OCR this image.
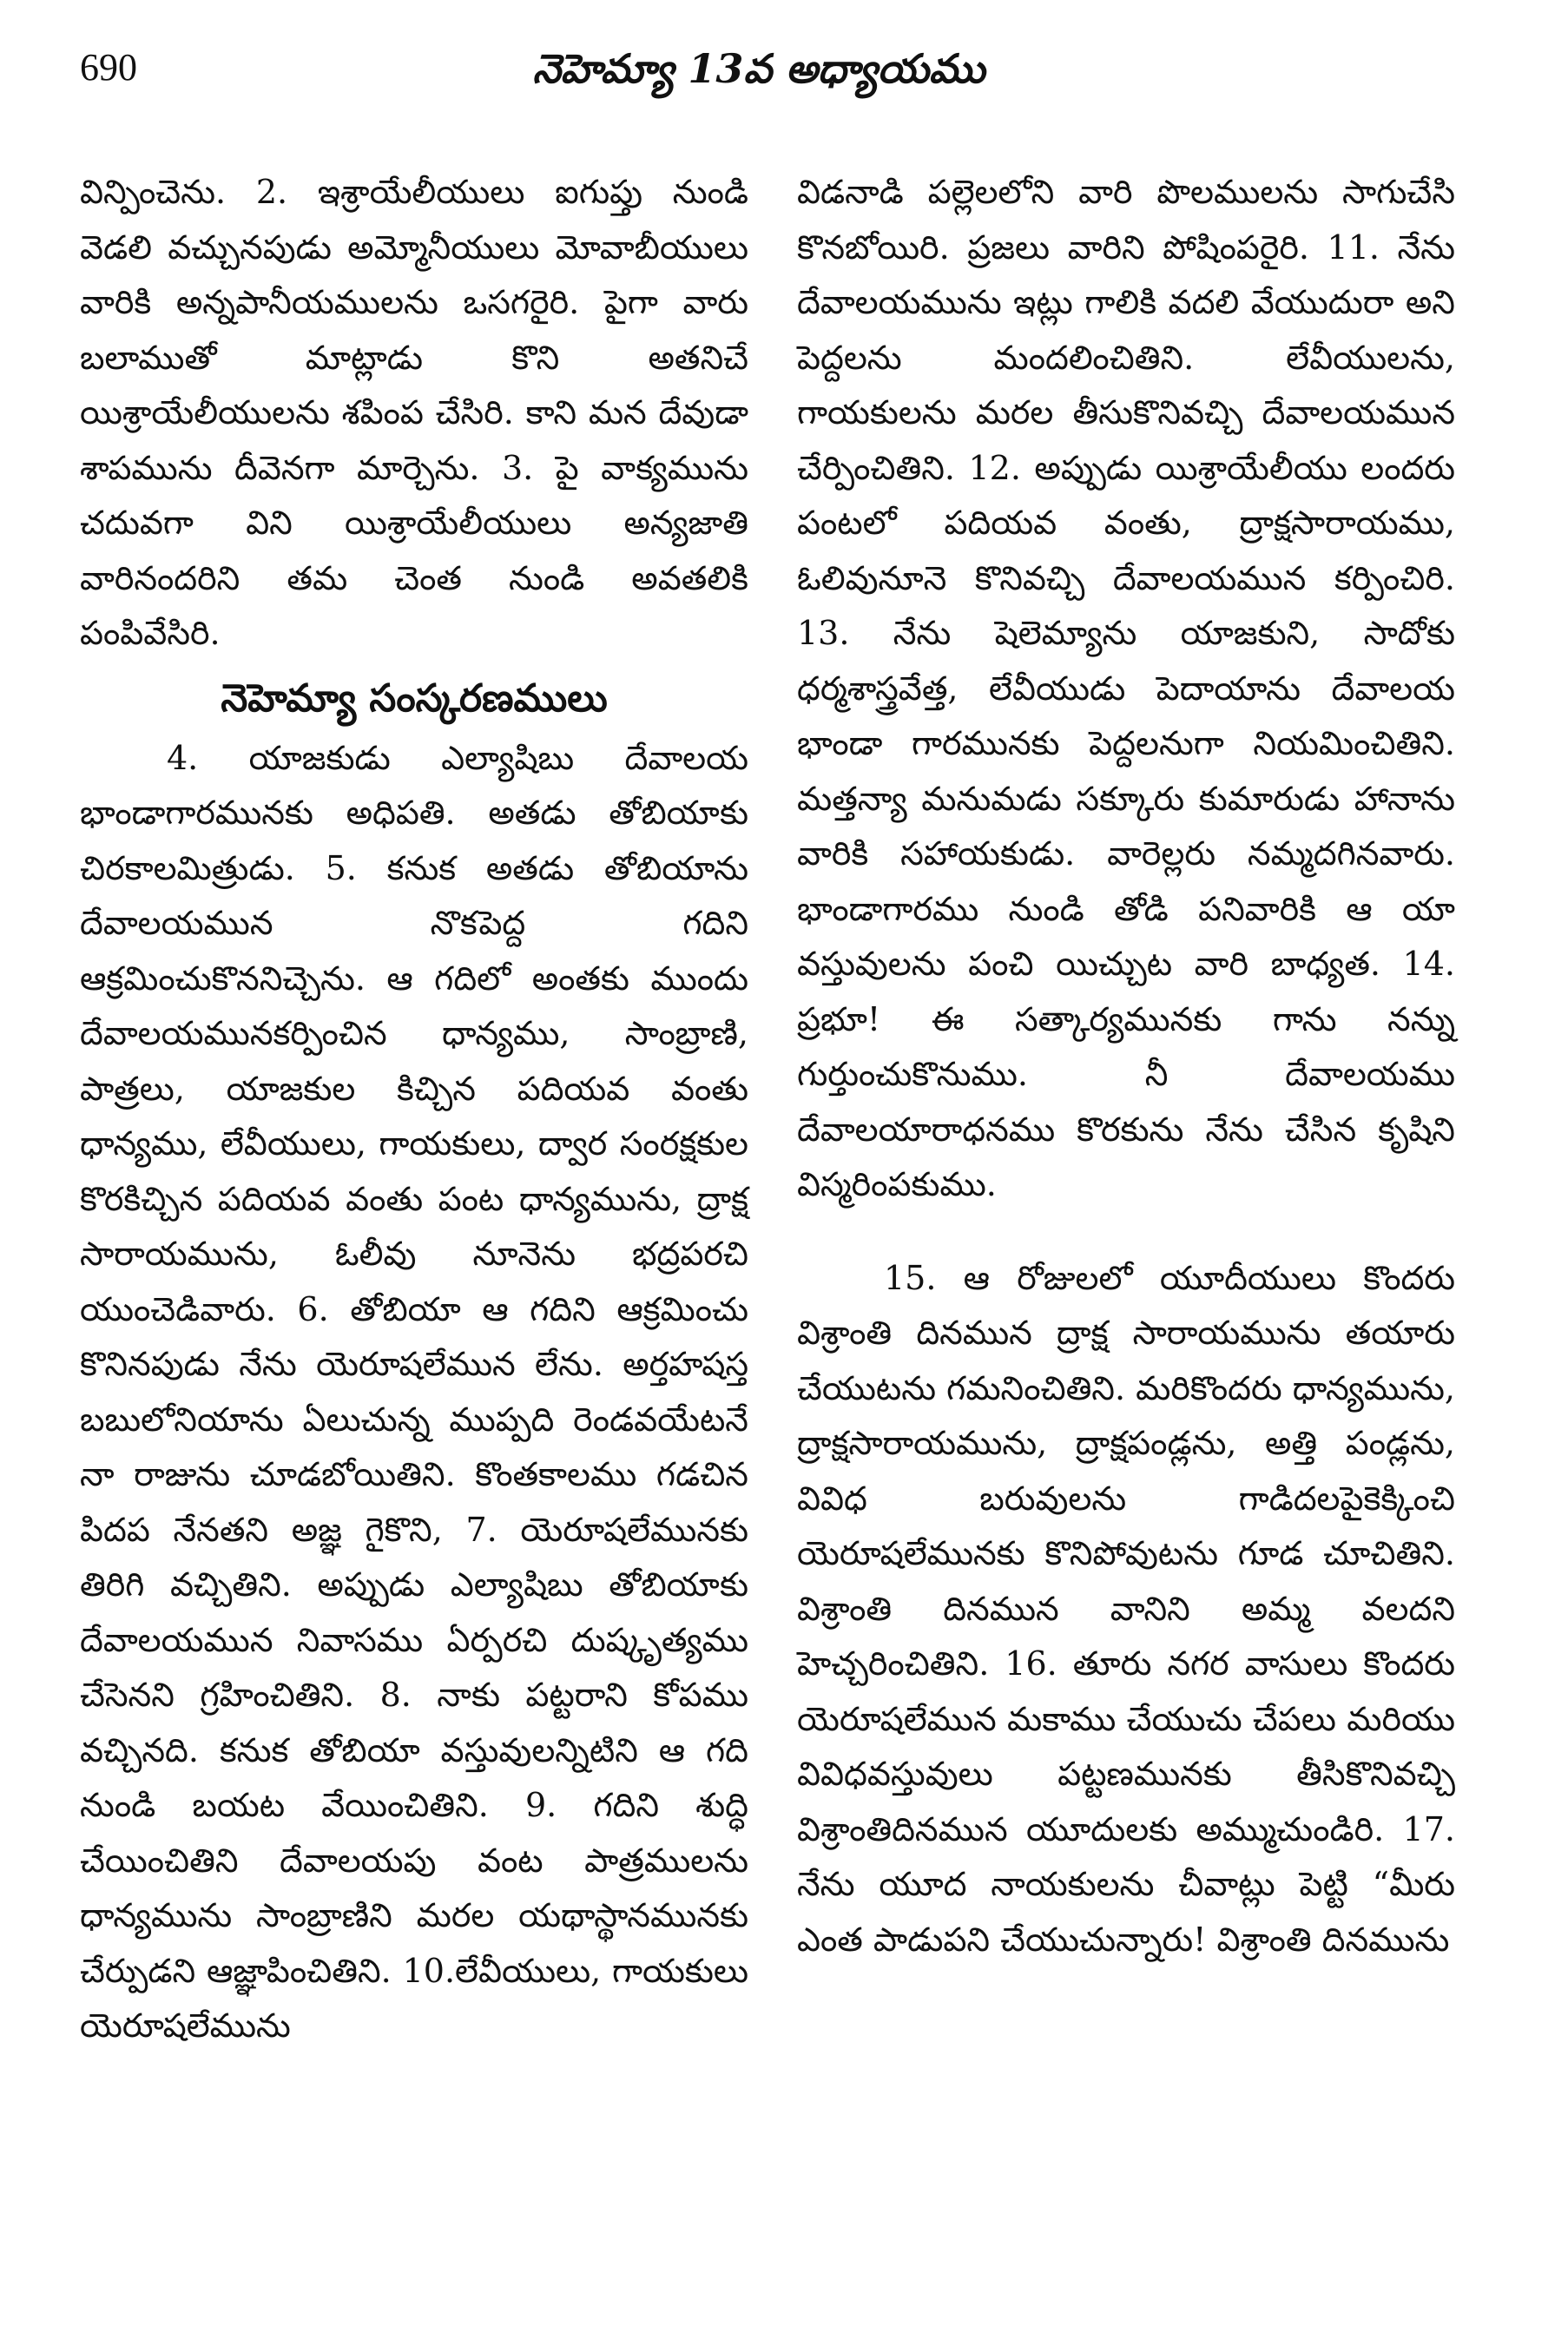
690	నెహెమ్యా 13వ అధ్యాయము

విన్పించెను. 2. ఇశ్రాయేలీయులు ఐగుప్తు నుండి వెడలి వచ్చునపుడు అమ్మోనీయులు మోవాబీయులు వారికి అన్నపానీయములను ఒసగరైరి. పైగా వారు బలాముతో మాట్లాడు కొని అతనిచే యిశ్రాయేలీయులను శపింప చేసిరి. కాని మన దేవుడా శాపమును దీవెనగా మార్చెను. 3. పై వాక్యమును చదువగా విని యిశ్రాయేలీయులు అన్యజాతి వారినందరిని తమ చెంత నుండి అవతలికి పంపివేసిరి.

నెహెమ్యా సంస్కరణములు

4. యాజకుడు ఎల్యాషిబు దేవాలయ భాండాగారమునకు అధిపతి. అతడు తోబియాకు చిరకాలమిత్రుడు. 5. కనుక అతడు తోబియాను దేవాలయమున నొకపెద్ద గదిని ఆక్రమించుకొననిచ్చెను. ఆ గదిలో అంతకు ముందు దేవాలయమునకర్పించిన ధాన్యము, సాంబ్రాణి, పాత్రలు, యాజకుల కిచ్చిన పదియవ వంతు ధాన్యము, లేవీయులు, గాయకులు, ద్వార సంరక్షకుల కొరకిచ్చిన పదియవ వంతు పంట ధాన్యమును, ద్రాక్ష సారాయమును, ఓలీవు నూనెను భద్రపరచి యుంచెడివారు. 6. తోబియా ఆ గదిని ఆక్రమించు కొనినపుడు నేను యెరూషలేమున లేను. అర్తహషస్త బబులోనియాను ఏలుచున్న ముప్పది రెండవయేటనే నా రాజును చూడబోయితిని. కొంతకాలము గడచిన పిదప నేనతని అజ్ఞ గైకొని, 7. యెరూషలేమునకు తిరిగి వచ్చితిని. అప్పుడు ఎల్యాషిబు తోబియాకు దేవాలయమున నివాసము ఏర్పరచి దుష్కృత్యము చేసెనని గ్రహించితిని. 8. నాకు పట్టరాని కోపము వచ్చినది. కనుక తోబియా వస్తువులన్నిటిని ఆ గది నుండి బయట వేయించితిని. 9. గదిని శుద్ధి చేయించితిని దేవాలయపు వంట పాత్రములను ధాన్యమును సాంబ్రాణిని మరల యథాస్థానమునకు చేర్పుడని ఆజ్ఞాపించితిని. 10.లేవీయులు, గాయకులు యెరూషలేమును

విడనాడి పల్లెలలోని వారి పొలములను సాగుచేసి కొనబోయిరి. ప్రజలు వారిని పోషింపరైరి. 11. నేను దేవాలయమును ఇట్లు గాలికి వదలి వేయుదురా అని పెద్దలను మందలించితిని. లేవీయులను, గాయకులను మరల తీసుకొనివచ్చి దేవాలయమున చేర్పించితిని. 12. అప్పుడు యిశ్రాయేలీయు లందరు పంటలో పదియవ వంతు, ద్రాక్షసారాయము, ఓలివునూనె కొనివచ్చి దేవాలయమున కర్పించిరి. 13. నేను షెలెమ్యాను యాజకుని, సాదోకు ధర్మశాస్త్రవేత్త, లేవీయుడు పెదాయాను దేవాలయ భాండా గారమునకు పెద్దలనుగా నియమించితిని. మత్తన్యా మనుమడు సక్కూరు కుమారుడు హానాను వారికి సహాయకుడు. వారెల్లరు నమ్మదగినవారు. భాండాగారము నుండి తోడి పనివారికి ఆ యా వస్తువులను పంచి యిచ్చుట వారి బాధ్యత. 14. ప్రభూ! ఈ సత్కార్యమునకు గాను నన్ను గుర్తుంచుకొనుము. నీ దేవాలయము దేవాలయారాధనము కొరకును నేను చేసిన కృషిని విస్మరింపకుము.

15. ఆ రోజులలో యూదీయులు కొందరు విశ్రాంతి దినమున ద్రాక్ష సారాయమును తయారు చేయుటను గమనించితిని. మరికొందరు ధాన్యమును, ద్రాక్షసారాయమును, ద్రాక్షపండ్లను, అత్తి పండ్లను, వివిధ బరువులను గాడిదలపైకెక్కించి యెరూషలేమునకు కొనిపోవుటను గూడ చూచితిని. విశ్రాంతి దినమున వానిని అమ్మ వలదని హెచ్చరించితిని. 16. తూరు నగర వాసులు కొందరు యెరూషలేమున మకాము చేయుచు చేపలు మరియు వివిధవస్తువులు పట్టణమునకు తీసికొనివచ్చి విశ్రాంతిదినమున యూదులకు అమ్ముచుండిరి. 17. నేను యూద నాయకులను చీవాట్లు పెట్టి “మీరు ఎంత పాడుపని చేయుచున్నారు! విశ్రాంతి దినమును
